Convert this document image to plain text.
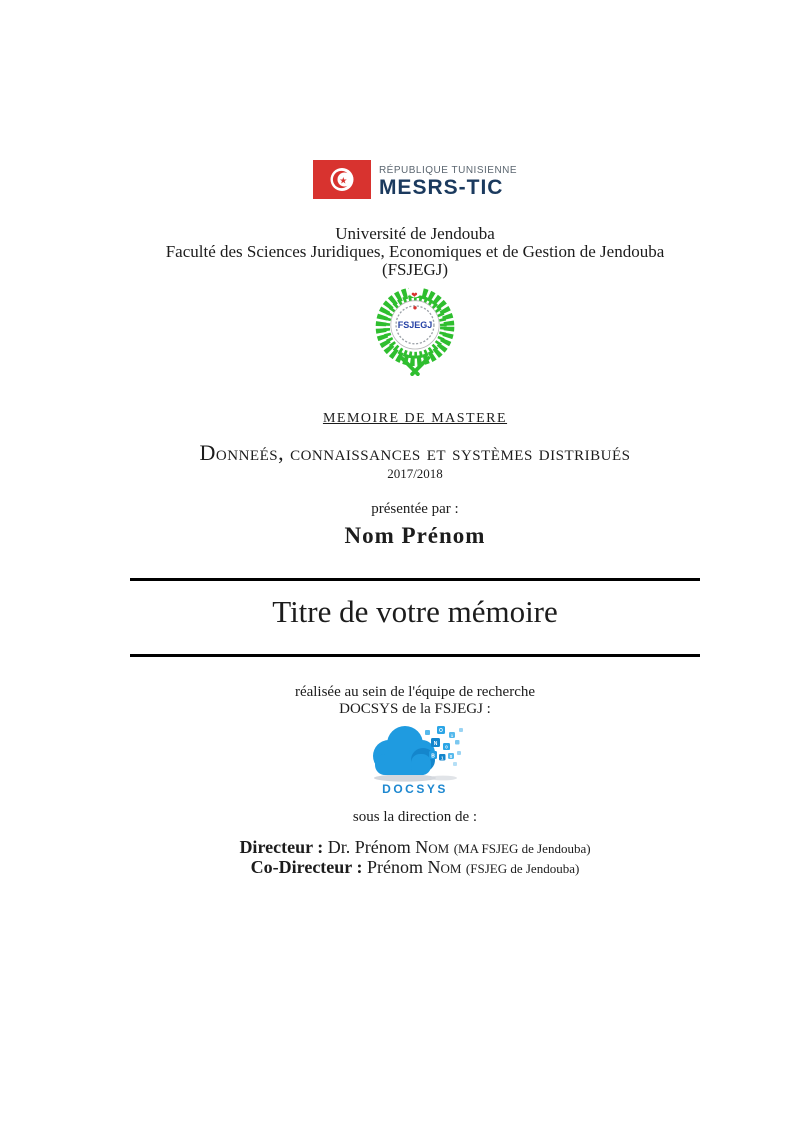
★
RÉPUBLIQUE TUNISIENNE
MESRS-TIC
Université de Jendouba
Faculté des Sciences Juridiques, Economiques et de Gestion de Jendouba
(FSJEGJ)
❤
FSJEGJ
MEMOIRE DE MASTERE
Donneés, connaissances et systèmes distribués
2017/2018
présentée par :
Nom Prénom
Titre de votre mémoire
réalisée au sein de l'équipe de recherche
DOCSYS de la FSJEGJ :
O
1
N 0
B 1 0
DOCSYS
sous la direction de :
Directeur : Dr. Prénom Nom (MA FSJEG de Jendouba)
Co-Directeur : Prénom Nom (FSJEG de Jendouba)
